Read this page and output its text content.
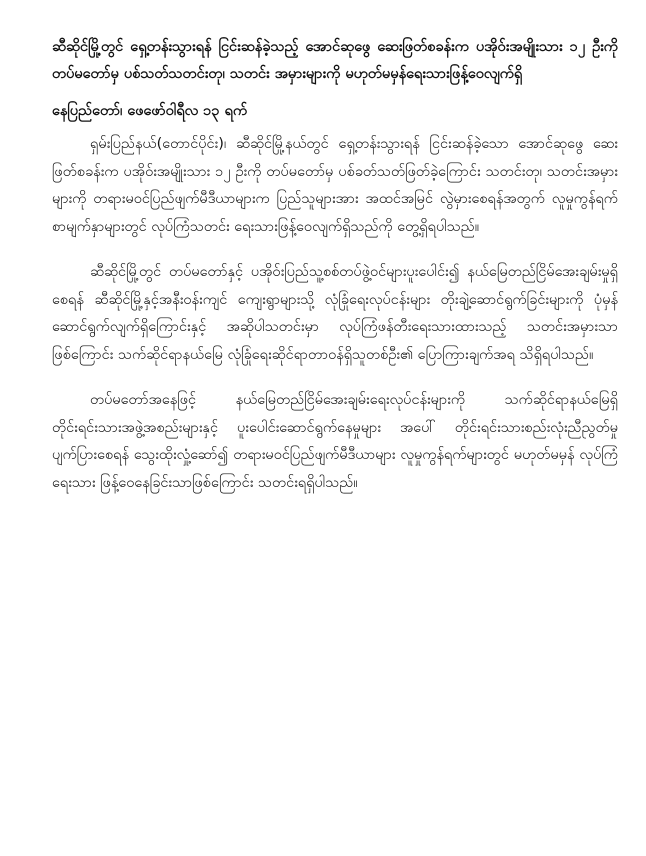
ဆီဆိုင်မြို့တွင် ရှေ့တန်းသွားရန် ငြင်းဆန်ခဲ့သည့် အောင်ဆုဖွေ ဆေးဖြတ်စခန်းက ပအိုဝ်းအမျိုးသား ၁၂ ဦးကို တပ်မတော်မှ ပစ်သတ်သတင်းတု၊ သတင်း အမှားများကို မဟုတ်မမှန်ရေးသားဖြန့်ဝေလျက်ရှိ

နေပြည်တော်၊ ဖေဖော်ဝါရီလ ၁၃ ရက်

ရှမ်းပြည်နယ်(တောင်ပိုင်း)၊ ဆီဆိုင်မြို့နယ်တွင် ရှေ့တန်းသွားရန် ငြင်းဆန်ခဲ့သော အောင်ဆုဖွေ ဆေးဖြတ်စခန်းက ပအိုဝ်းအမျိုးသား ၁၂ ဦးကို တပ်မတော်မှ ပစ်ခတ်သတ်ဖြတ်ခဲ့ကြောင်း သတင်းတု၊ သတင်းအမှားများကို တရားမဝင်ပြည်ဖျက်မီဒီယာများက ပြည်သူများအား အထင်အမြင် လွဲမှားစေရန်အတွက် လူမှုကွန်ရက်စာမျက်နှာများတွင် လုပ်ကြံသတင်း ရေးသားဖြန့်ဝေလျက်ရှိသည်ကို တွေ့ရှိရပါသည်။

ဆီဆိုင်မြို့တွင် တပ်မတော်နှင့် ပအိုဝ်းပြည်သူ့စစ်တပ်ဖွဲ့ဝင်များပူးပေါင်း၍ နယ်မြေတည်ငြိမ်အေးချမ်းမှုရှိစေရန် ဆီဆိုင်မြို့နှင့်အနီးဝန်းကျင် ကျေးရွာများသို့ လုံခြုံရေးလုပ်ငန်းများ တိုးချဲ့ဆောင်ရွက်ခြင်းများကို ပုံမှန်ဆောင်ရွက်လျက်ရှိကြောင်းနှင့် အဆိုပါသတင်းမှာ လုပ်ကြံဖန်တီးရေးသားထားသည့် သတင်းအမှားသာဖြစ်ကြောင်း သက်ဆိုင်ရာနယ်မြေ လုံခြုံရေးဆိုင်ရာတာဝန်ရှိသူတစ်ဦး၏ ပြောကြားချက်အရ သိရှိရပါသည်။

တပ်မတော်အနေဖြင့် နယ်မြေတည်ငြိမ်အေးချမ်းရေးလုပ်ငန်းများကို သက်ဆိုင်ရာနယ်မြေရှိ တိုင်းရင်းသားအဖွဲ့အစည်းများနှင့် ပူးပေါင်းဆောင်ရွက်နေမှုများ အပေါ် တိုင်းရင်းသားစည်းလုံးညီညွတ်မှုပျက်ပြားစေရန် သွေးထိုးလှုံ့ဆော်၍ တရားမဝင်ပြည်ဖျက်မီဒီယာများ လူမှုကွန်ရက်များတွင် မဟုတ်မမှန် လုပ်ကြံရေးသား ဖြန့်ဝေနေခြင်းသာဖြစ်ကြောင်း သတင်းရရှိပါသည်။
